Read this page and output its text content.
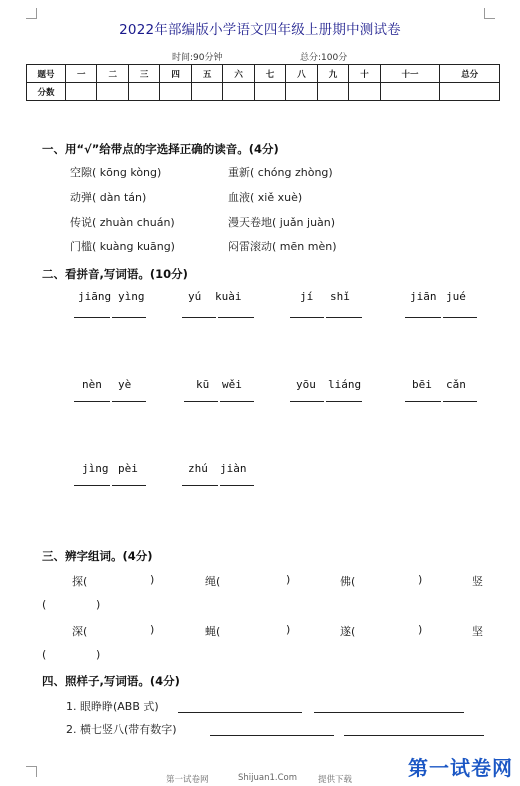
2022年部编版小学语文四年级上册期中测试卷
时间:90分钟	总分:100分
题号	一	二	三	四	五	六	七	八	九	十	十一	总分
分数												
一、用“√”给带点的字选择正确的读音。(4分)
空隙( kōng kòng)	重新( chóng zhòng)
动弹( dàn tán)	血液( xiě xuè)
传说( zhuàn chuán)	漫天卷地( juǎn juàn)
门槛( kuàng kuāng)	闷雷滚动( mēn mèn)
二、看拼音,写词语。(10分)
jiāng yìng	yú kuài	jí shǐ	jiān jué
nèn yè	kū wěi	yōu liáng	bēi cǎn
jìng pèi	zhú jiàn
三、辨字组词。(4分)
探(	)	绳(	)	佛(	)	竖
(	)
深(	)	蝇(	)	遂(	)	坚
(	)
四、照样子,写词语。(4分)
1. 眼睁睁(ABB 式)
2. 横七竖八(带有数字)
第一试卷网	Shijuan1.Com 提供下载	第一试卷网
